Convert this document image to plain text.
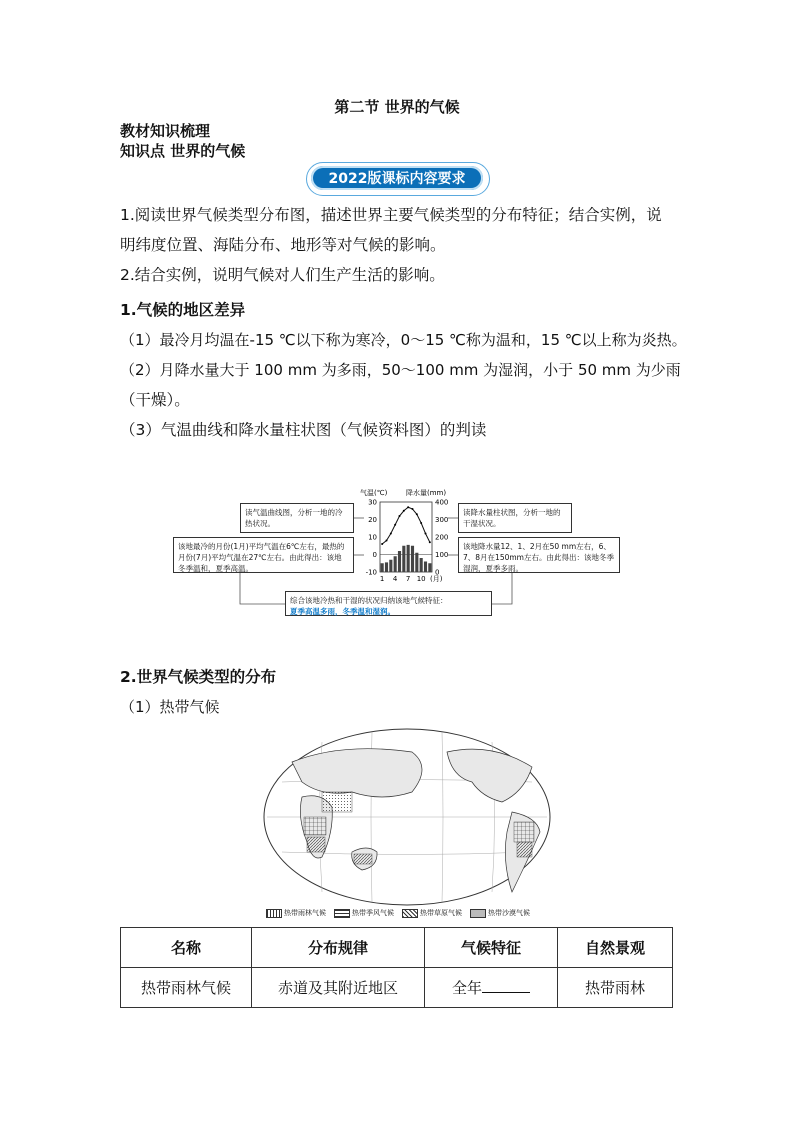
第二节 世界的气候
教材知识梳理
知识点 世界的气候
2022版课标内容要求
1.阅读世界气候类型分布图，描述世界主要气候类型的分布特征；结合实例，说
明纬度位置、海陆分布、地形等对气候的影响。
2.结合实例，说明气候对人们生产生活的影响。
1.气候的地区差异
（1）最冷月均温在-15 ℃以下称为寒冷，0～15 ℃称为温和，15 ℃以上称为炎热。
（2）月降水量大于 100 mm 为多雨，50～100 mm 为湿润，小于 50 mm 为少雨
（干燥）。
（3）气温曲线和降水量柱状图（气候资料图）的判读
读气温曲线图，分析一地的冷热状况。
该地最冷的月份(1月)平均气温在6℃左右，最热的月份(7月)平均气温在27℃左右。由此得出：该地冬季温和，夏季高温。
读降水量柱状图，分析一地的干湿状况。
该地降水量12、1、2月在50 mm左右，6、7、8月在150mm左右。由此得出：该地冬季湿润，夏季多雨。
综合该地冷热和干湿的状况归纳该地气候特征：
夏季高温多雨，冬季温和湿润。
气温(℃)	降水量(mm)
30
20
10
0
-10
400
300
200
100
0
1 4 7 10 (月)
2.世界气候类型的分布
（1）热带气候
热带雨林气候	热带季风气候	热带草原气候	热带沙漠气候
名称	分布规律	气候特征	自然景观
热带雨林气候	赤道及其附近地区	全年	热带雨林
